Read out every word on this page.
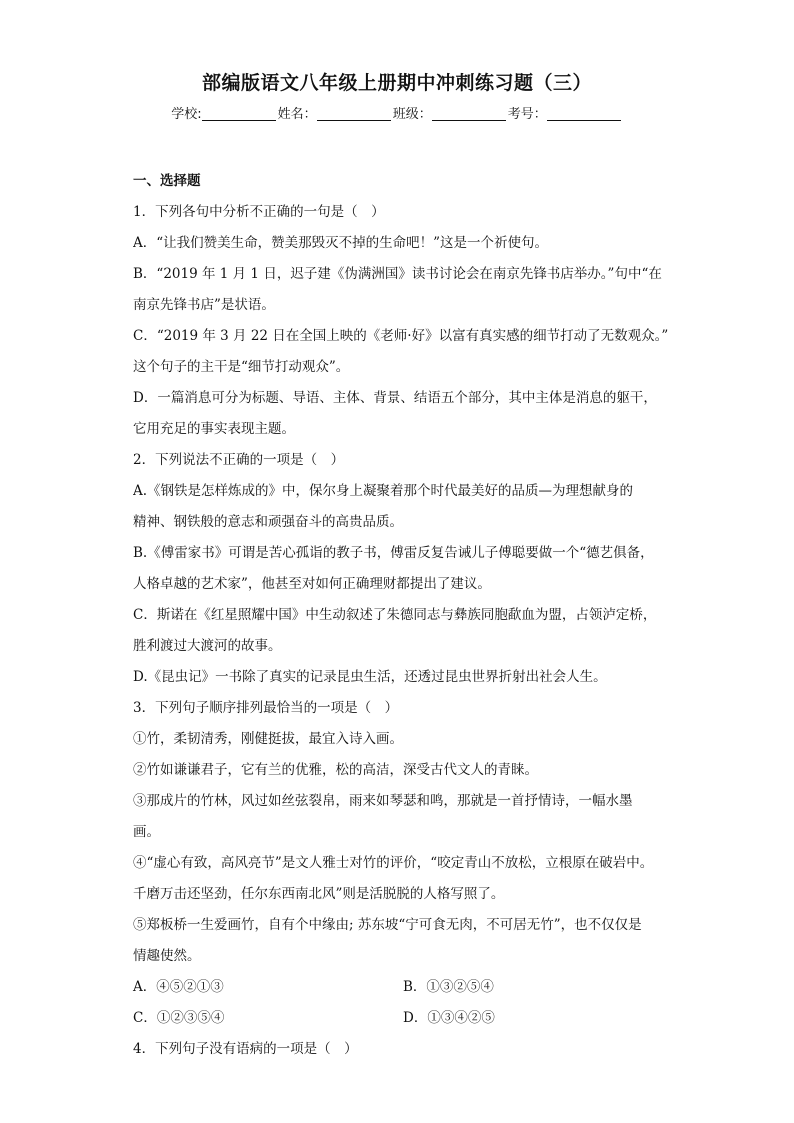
部编版语文八年级上册期中冲刺练习题（三）
学校:	姓名：	班级：	考号：
一、选择题
1．下列各句中分析不正确的一句是（　）
A．“让我们赞美生命，赞美那毁灭不掉的生命吧！”这是一个祈使句。
B．“2019 年 1 月 1 日，迟子建《伪满洲国》读书讨论会在南京先锋书店举办。”句中“在
南京先锋书店”是状语。
C．“2019 年 3 月 22 日在全国上映的《老师·好》以富有真实感的细节打动了无数观众。”
这个句子的主干是“细节打动观众”。
D．一篇消息可分为标题、导语、主体、背景、结语五个部分，其中主体是消息的躯干，
它用充足的事实表现主题。
2．下列说法不正确的一项是（　）
A.《钢铁是怎样炼成的》中，保尔身上凝聚着那个时代最美好的品质—为理想献身的
精神、钢铁般的意志和顽强奋斗的高贵品质。
B.《傅雷家书》可谓是苦心孤诣的教子书，傅雷反复告诫儿子傅聪要做一个“德艺俱备，
人格卓越的艺术家”，他甚至对如何正确理财都提出了建议。
C．斯诺在《红星照耀中国》中生动叙述了朱德同志与彝族同胞歃血为盟，占领泸定桥，
胜利渡过大渡河的故事。
D.《昆虫记》一书除了真实的记录昆虫生活，还透过昆虫世界折射出社会人生。
3．下列句子顺序排列最恰当的一项是（　）
①竹，柔韧清秀，刚健挺拔，最宜入诗入画。
②竹如谦谦君子，它有兰的优雅，松的高洁，深受古代文人的青睐。
③那成片的竹林，风过如丝弦裂帛，雨来如琴瑟和鸣，那就是一首抒情诗，一幅水墨
画。
④“虚心有致，高风亮节”是文人雅士对竹的评价，“咬定青山不放松，立根原在破岩中。
千磨万击还坚劲，任尔东西南北风”则是活脱脱的人格写照了。
⑤郑板桥一生爱画竹，自有个中缘由; 苏东坡“宁可食无肉，不可居无竹”，也不仅仅是
情趣使然。
A．④⑤②①③	B．①③②⑤④
C．①②③⑤④	D．①③④②⑤
4．下列句子没有语病的一项是（　）
